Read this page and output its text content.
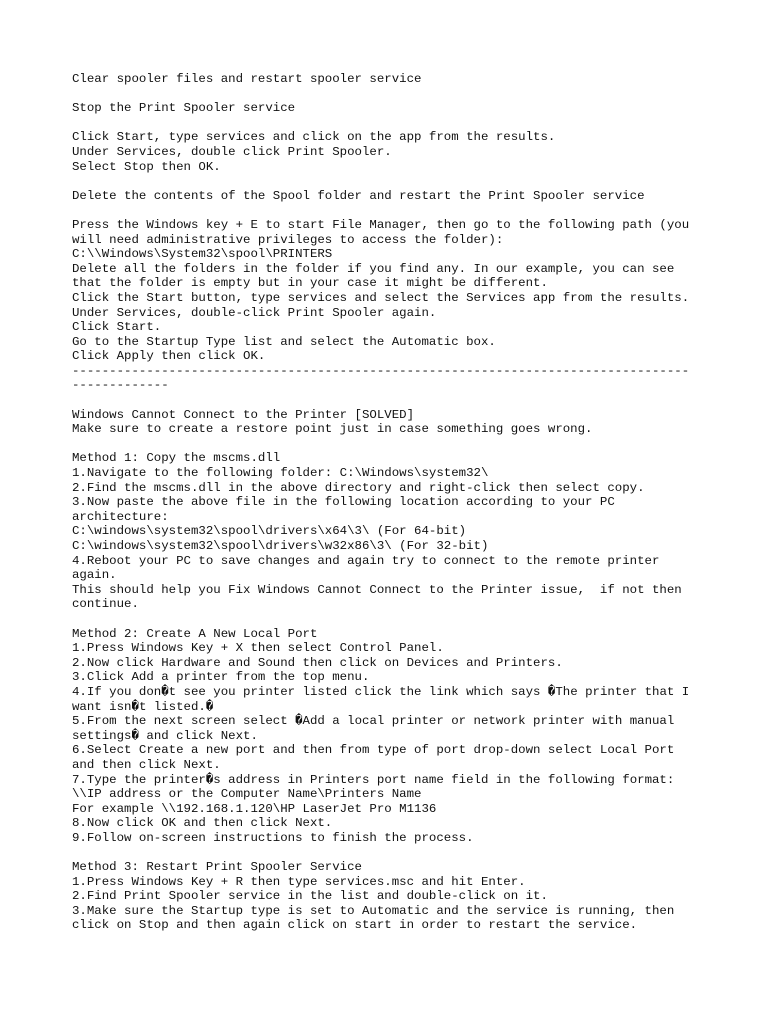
Clear spooler files and restart spooler service
Stop the Print Spooler service
Click Start, type services and click on the app from the results.
Under Services, double click Print Spooler.
Select Stop then OK.
Delete the contents of the Spool folder and restart the Print Spooler service
Press the Windows key + E to start File Manager, then go to the following path (you
will need administrative privileges to access the folder):
C:\\Windows\System32\spool\PRINTERS
Delete all the folders in the folder if you find any. In our example, you can see
that the folder is empty but in your case it might be different.
Click the Start button, type services and select the Services app from the results.
Under Services, double-click Print Spooler again.
Click Start.
Go to the Startup Type list and select the Automatic box.
Click Apply then click OK.
-----------------------------------------------------------------------------------
-------------
Windows Cannot Connect to the Printer [SOLVED]
Make sure to create a restore point just in case something goes wrong.
Method 1: Copy the mscms.dll
1.Navigate to the following folder: C:\Windows\system32\
2.Find the mscms.dll in the above directory and right-click then select copy.
3.Now paste the above file in the following location according to your PC
architecture:
C:\windows\system32\spool\drivers\x64\3\ (For 64-bit)
C:\windows\system32\spool\drivers\w32x86\3\ (For 32-bit)
4.Reboot your PC to save changes and again try to connect to the remote printer
again.
This should help you Fix Windows Cannot Connect to the Printer issue,  if not then
continue.
Method 2: Create A New Local Port
1.Press Windows Key + X then select Control Panel.
2.Now click Hardware and Sound then click on Devices and Printers.
3.Click Add a printer from the top menu.
4.If you don�t see you printer listed click the link which says �The printer that I
want isn�t listed.�
5.From the next screen select �Add a local printer or network printer with manual
settings� and click Next.
6.Select Create a new port and then from type of port drop-down select Local Port
and then click Next.
7.Type the printer�s address in Printers port name field in the following format:
\\IP address or the Computer Name\Printers Name
For example \\192.168.1.120\HP LaserJet Pro M1136
8.Now click OK and then click Next.
9.Follow on-screen instructions to finish the process.
Method 3: Restart Print Spooler Service
1.Press Windows Key + R then type services.msc and hit Enter.
2.Find Print Spooler service in the list and double-click on it.
3.Make sure the Startup type is set to Automatic and the service is running, then
click on Stop and then again click on start in order to restart the service.
